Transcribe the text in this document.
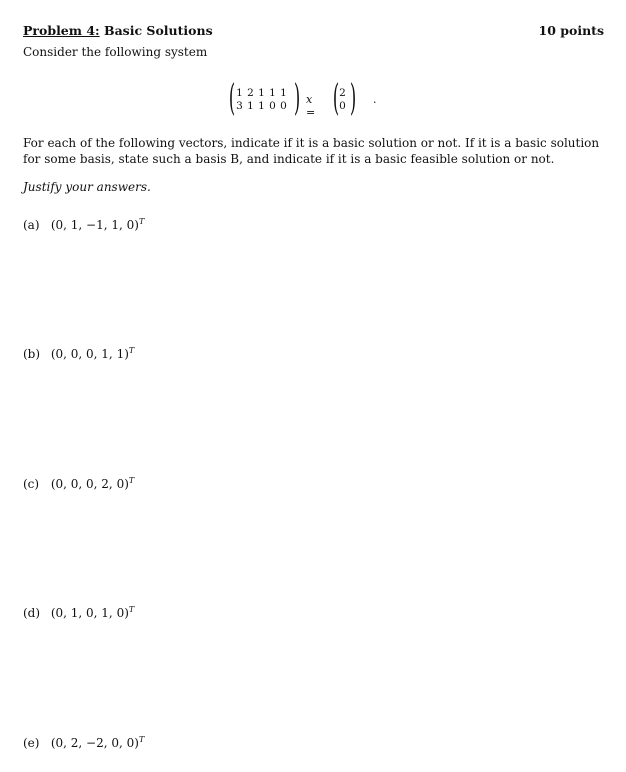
Problem 4: Basic Solutions	10 points
Consider the following system
( 1 2 1 1 1
3 1 1 0 0 ) x = ( 2
0 ) .
For each of the following vectors, indicate if it is a basic solution or not. If it is a basic solution for some basis, state such a basis B, and indicate if it is a basic feasible solution or not.
Justify your answers.
(a) (0, 1, −1, 1, 0)$^T$
(b) (0, 0, 0, 1, 1)$^T$
(c) (0, 0, 0, 2, 0)$^T$
(d) (0, 1, 0, 1, 0)$^T$
(e) (0, 2, −2, 0, 0)$^T$
